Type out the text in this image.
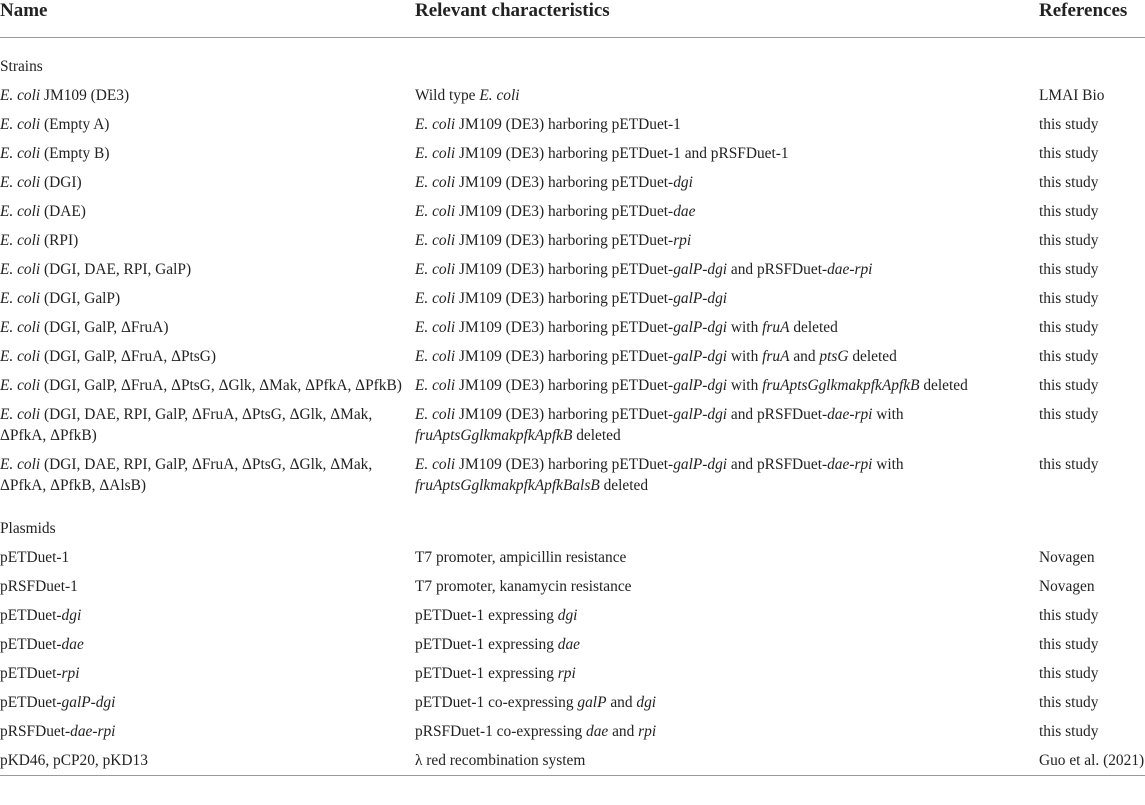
Name	Relevant characteristics	References
Strains		
E. coli JM109 (DE3)	Wild type E. coli	LMAI Bio
E. coli (Empty A)	E. coli JM109 (DE3) harboring pETDuet-1	this study
E. coli (Empty B)	E. coli JM109 (DE3) harboring pETDuet-1 and pRSFDuet-1	this study
E. coli (DGI)	E. coli JM109 (DE3) harboring pETDuet-dgi	this study
E. coli (DAE)	E. coli JM109 (DE3) harboring pETDuet-dae	this study
E. coli (RPI)	E. coli JM109 (DE3) harboring pETDuet-rpi	this study
E. coli (DGI, DAE, RPI, GalP)	E. coli JM109 (DE3) harboring pETDuet-galP-dgi and pRSFDuet-dae-rpi	this study
E. coli (DGI, GalP)	E. coli JM109 (DE3) harboring pETDuet-galP-dgi	this study
E. coli (DGI, GalP, ΔFruA)	E. coli JM109 (DE3) harboring pETDuet-galP-dgi with fruA deleted	this study
E. coli (DGI, GalP, ΔFruA, ΔPtsG)	E. coli JM109 (DE3) harboring pETDuet-galP-dgi with fruA and ptsG deleted	this study
E. coli (DGI, GalP, ΔFruA, ΔPtsG, ΔGlk, ΔMak, ΔPfkA, ΔPfkB)	E. coli JM109 (DE3) harboring pETDuet-galP-dgi with fruAptsGglkmakpfkApfkB deleted	this study
E. coli (DGI, DAE, RPI, GalP, ΔFruA, ΔPtsG, ΔGlk, ΔMak, ΔPfkA, ΔPfkB)	E. coli JM109 (DE3) harboring pETDuet-galP-dgi and pRSFDuet-dae-rpi with fruAptsGglkmakpfkApfkB deleted	this study
E. coli (DGI, DAE, RPI, GalP, ΔFruA, ΔPtsG, ΔGlk, ΔMak, ΔPfkA, ΔPfkB, ΔAlsB)	E. coli JM109 (DE3) harboring pETDuet-galP-dgi and pRSFDuet-dae-rpi with fruAptsGglkmakpfkApfkBalsB deleted	this study
Plasmids		
pETDuet-1	T7 promoter, ampicillin resistance	Novagen
pRSFDuet-1	T7 promoter, kanamycin resistance	Novagen
pETDuet-dgi	pETDuet-1 expressing dgi	this study
pETDuet-dae	pETDuet-1 expressing dae	this study
pETDuet-rpi	pETDuet-1 expressing rpi	this study
pETDuet-galP-dgi	pETDuet-1 co-expressing galP and dgi	this study
pRSFDuet-dae-rpi	pRSFDuet-1 co-expressing dae and rpi	this study
pKD46, pCP20, pKD13	λ red recombination system	Guo et al. (2021)
